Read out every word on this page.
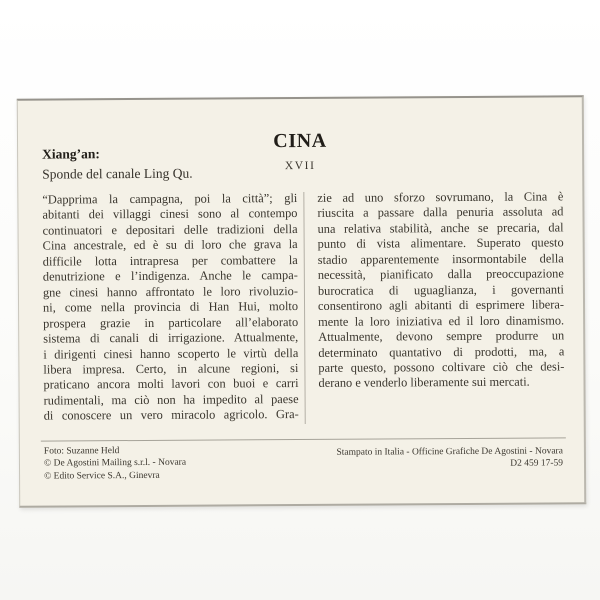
CINA
XVII
Xiang’an:
Sponde del canale Ling Qu.
“Dapprima la campagna, poi la città”; gli
abitanti dei villaggi cinesi sono al contempo
continuatori e depositari delle tradizioni della
Cina ancestrale, ed è su di loro che grava la
difficile lotta intrapresa per combattere la
denutrizione e l’indigenza. Anche le campa-
gne cinesi hanno affrontato le loro rivoluzio-
ni, come nella provincia di Han Hui, molto
prospera grazie in particolare all’elaborato
sistema di canali di irrigazione. Attualmente,
i dirigenti cinesi hanno scoperto le virtù della
libera impresa. Certo, in alcune regioni, si
praticano ancora molti lavori con buoi e carri
rudimentali, ma ciò non ha impedito al paese
di conoscere un vero miracolo agricolo. Gra-
zie ad uno sforzo sovrumano, la Cina è
riuscita a passare dalla penuria assoluta ad
una relativa stabilità, anche se precaria, dal
punto di vista alimentare. Superato questo
stadio apparentemente insormontabile della
necessità, pianificato dalla preoccupazione
burocratica di uguaglianza, i governanti
consentirono agli abitanti di esprimere libera-
mente la loro iniziativa ed il loro dinamismo.
Attualmente, devono sempre produrre un
determinato quantativo di prodotti, ma, a
parte questo, possono coltivare ciò che desi-
derano e venderlo liberamente sui mercati.
Foto: Suzanne Held
© De Agostini Mailing s.r.l. - Novara
© Edito Service S.A., Ginevra
Stampato in Italia - Officine Grafiche De Agostini - Novara
D2 459 17-59
